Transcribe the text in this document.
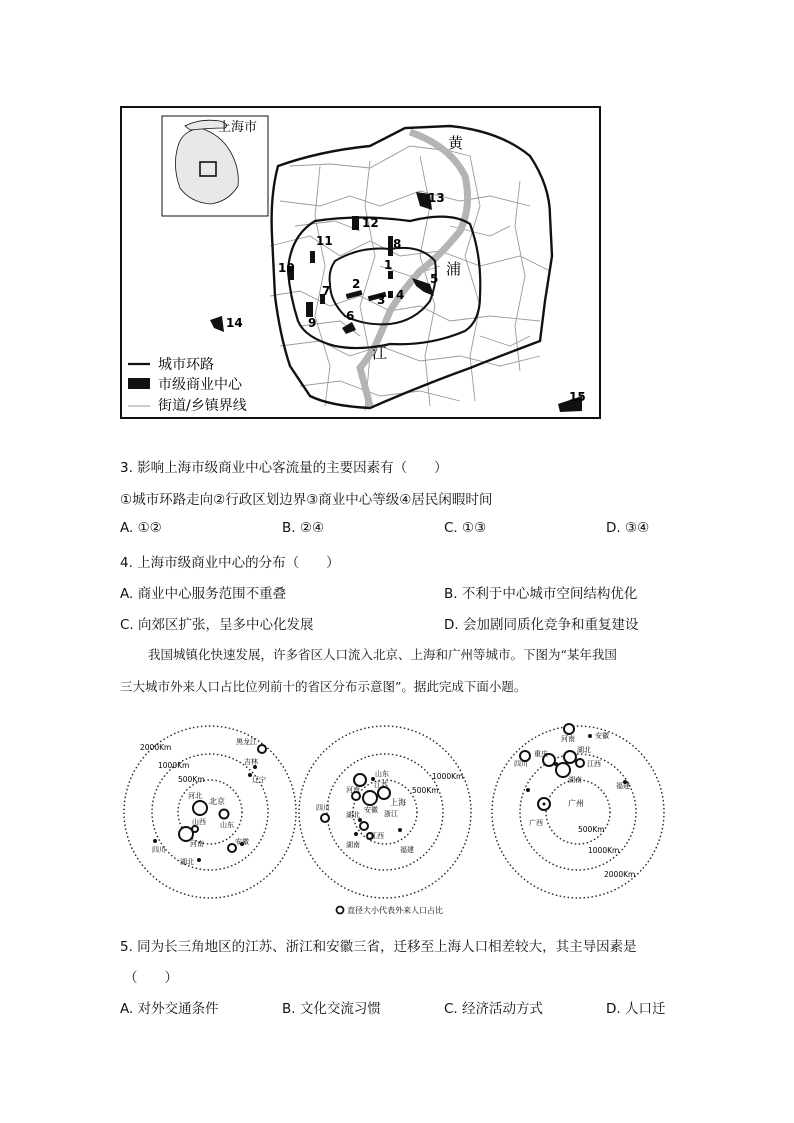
上海市
黄
浦
江
1
2
3 4
5
6
7
8
9
10
11
12
13
14
15
城市环路
市级商业中心
街道/乡镇界线
3. 影响上海市级商业中心客流量的主要因素有（　　）
①城市环路走向②行政区划边界③商业中心等级④居民闲暇时间
A. ①②	B. ②④	C. ①③	D. ③④
4. 上海市级商业中心的分布（　　）
A. 商业中心服务范围不重叠	B. 不利于中心城市空间结构优化
C. 向郊区扩张，呈多中心化发展	D. 会加剧同质化竞争和重复建设
我国城镇化快速发展，许多省区人口流入北京、上海和广州等城市。下图为“某年我国
三大城市外来人口占比位列前十的省区分布示意图”。据此完成下面小题。
2000Km
1000Km
500Km	1000Km
500Km
500Km
1000Km
2000Km
黑龙江
吉林
辽宁
河北
山西 山东
安徽
河南
四川
湖北
北京
山东
江苏
安徽
河南
浙江
四川
湖北
江西
湖南
福建
上海
河南	安徽
湖北
重庆
江西
四川
湖南
福建
广西
广州
直径大小代表外来人口占比
5. 同为长三角地区的江苏、浙江和安徽三省，迁移至上海人口相差较大，其主导因素是
（　　）
A. 对外交通条件	B. 文化交流习惯	C. 经济活动方式	D. 人口迁
